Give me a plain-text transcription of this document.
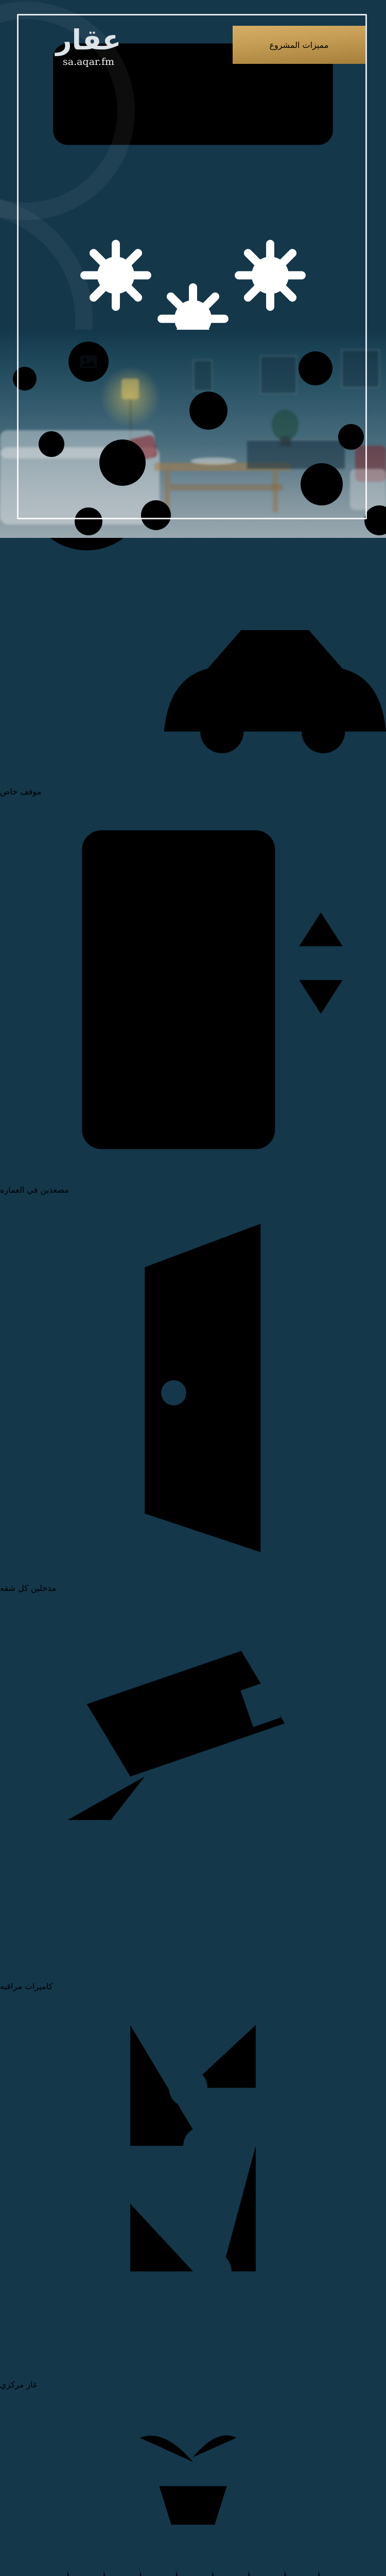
♪
♫
▶
عقار
sa.aqar.fm
مميزات المشروع
موقف خاص
مصعدين في العماره
مدخلين كل شقه
كاميرات مراقبه
غاز مركزي
